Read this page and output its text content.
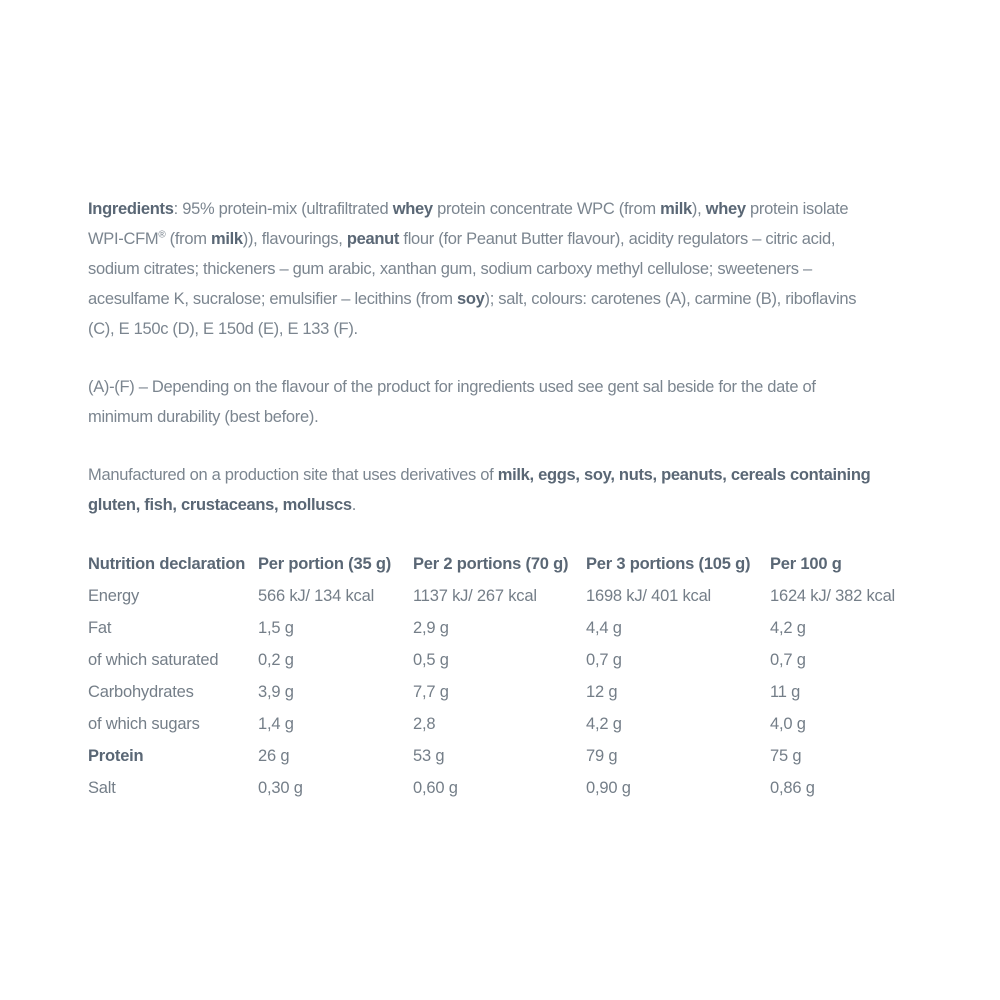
Ingredients: 95% protein-mix (ultrafiltrated whey protein concentrate WPC (from milk), whey protein isolate
WPI-CFM® (from milk)), flavourings, peanut flour (for Peanut Butter flavour), acidity regulators – citric acid,
sodium citrates; thickeners – gum arabic, xanthan gum, sodium carboxy methyl cellulose; sweeteners –
acesulfame K, sucralose; emulsifier – lecithins (from soy); salt, colours: carotenes (A), carmine (B), riboflavins
(C), E 150c (D), E 150d (E), E 133 (F).

(A)-(F) – Depending on the flavour of the product for ingredients used see gent sal beside for the date of
minimum durability (best before).

Manufactured on a production site that uses derivatives of milk, eggs, soy, nuts, peanuts, cereals containing
gluten, fish, crustaceans, molluscs.

Nutrition declaration	Per portion (35 g)	Per 2 portions (70 g)	Per 3 portions (105 g)	Per 100 g
Energy	566 kJ/ 134 kcal	1137 kJ/ 267 kcal	1698 kJ/ 401 kcal	1624 kJ/ 382 kcal
Fat	1,5 g	2,9 g	4,4 g	4,2 g
of which saturated	0,2 g	0,5 g	0,7 g	0,7 g
Carbohydrates	3,9 g	7,7 g	12 g	11 g
of which sugars	1,4 g	2,8	4,2 g	4,0 g
Protein	26 g	53 g	79 g	75 g
Salt	0,30 g	0,60 g	0,90 g	0,86 g
